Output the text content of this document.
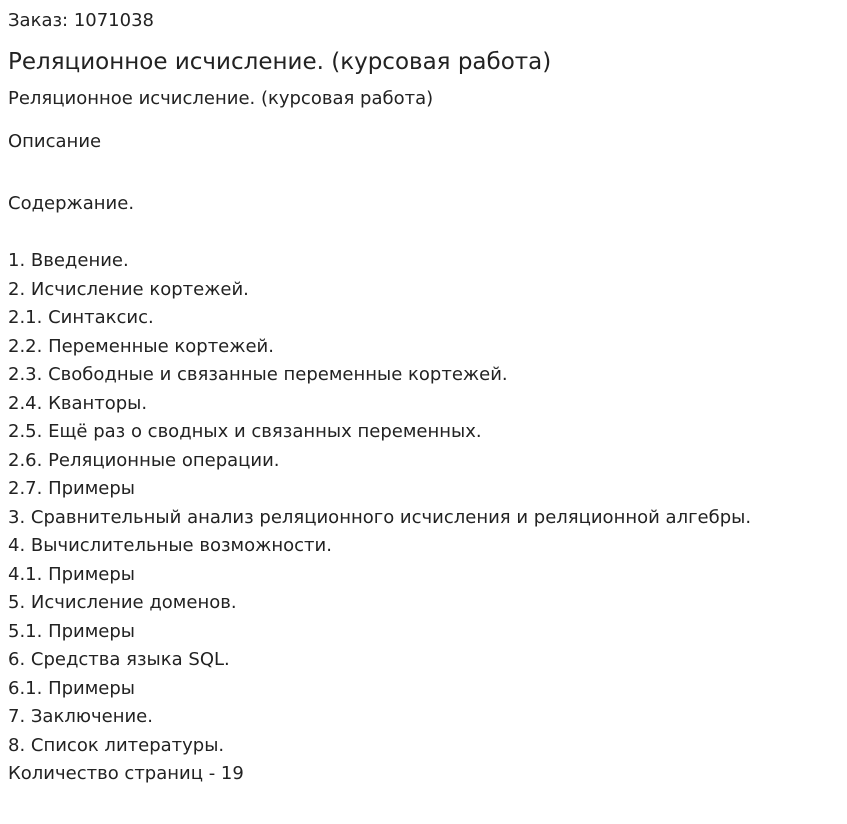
Заказ: 1071038
Реляционное исчисление. (курсовая работа)
Реляционное исчисление. (курсовая работа)
Описание
Содержание.
1. Введение.
2. Исчисление кортежей.
2.1. Синтаксис.
2.2. Переменные кортежей.
2.3. Свободные и связанные переменные кортежей.
2.4. Кванторы.
2.5. Ещё раз о сводных и связанных переменных.
2.6. Реляционные операции.
2.7. Примеры
3. Сравнительный анализ реляционного исчисления и реляционной алгебры.
4. Вычислительные возможности.
4.1. Примеры
5. Исчисление доменов.
5.1. Примеры
6. Средства языка SQL.
6.1. Примеры
7. Заключение.
8. Список литературы.
Количество страниц - 19
